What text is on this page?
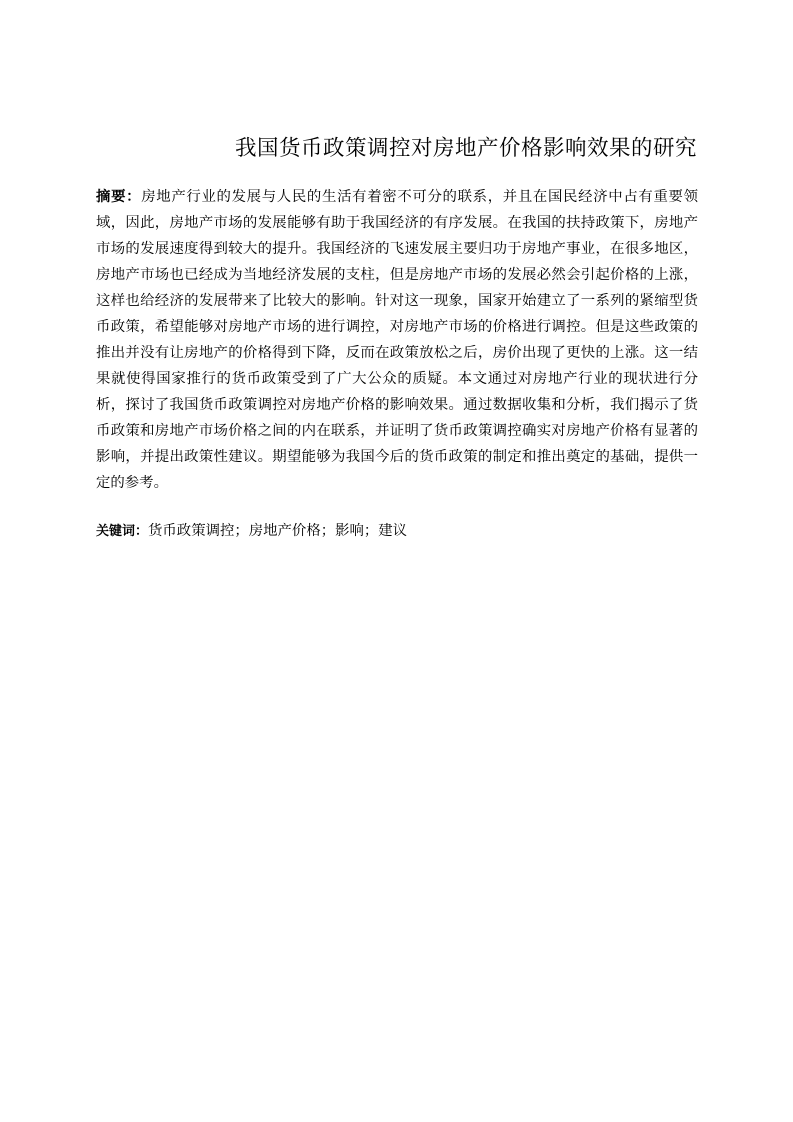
我国货币政策调控对房地产价格影响效果的研究
摘要：房地产行业的发展与人民的生活有着密不可分的联系，并且在国民经济中占有重要领域，因此，房地产市场的发展能够有助于我国经济的有序发展。在我国的扶持政策下，房地产市场的发展速度得到较大的提升。我国经济的飞速发展主要归功于房地产事业，在很多地区，房地产市场也已经成为当地经济发展的支柱，但是房地产市场的发展必然会引起价格的上涨，这样也给经济的发展带来了比较大的影响。针对这一现象，国家开始建立了一系列的紧缩型货币政策，希望能够对房地产市场的进行调控，对房地产市场的价格进行调控。但是这些政策的推出并没有让房地产的价格得到下降，反而在政策放松之后，房价出现了更快的上涨。这一结果就使得国家推行的货币政策受到了广大公众的质疑。本文通过对房地产行业的现状进行分析，探讨了我国货币政策调控对房地产价格的影响效果。通过数据收集和分析，我们揭示了货币政策和房地产市场价格之间的内在联系，并证明了货币政策调控确实对房地产价格有显著的影响，并提出政策性建议。期望能够为我国今后的货币政策的制定和推出奠定的基础，提供一定的参考。
关键词：货币政策调控；房地产价格；影响；建议
